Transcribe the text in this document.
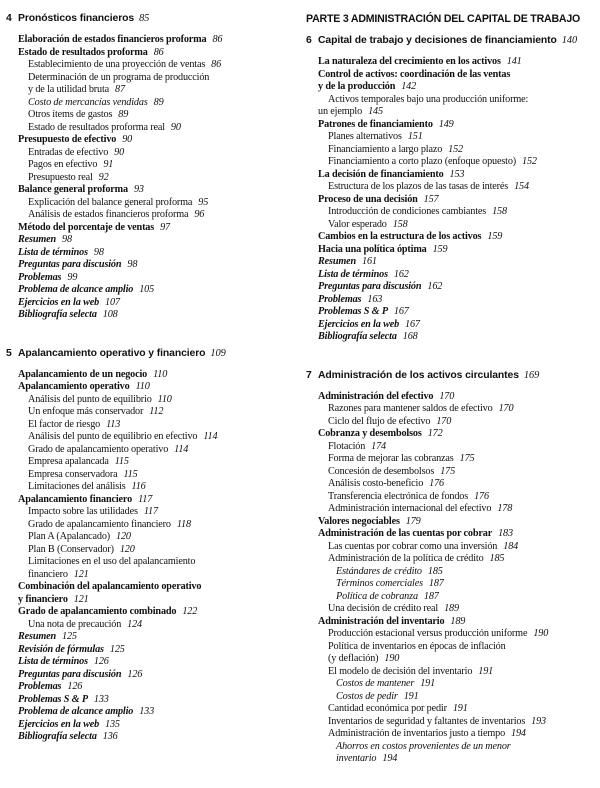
4 Pronósticos financieros 85
Elaboración de estados financieros proforma 86
Estado de resultados proforma 86
Establecimiento de una proyección de ventas 86
Determinación de un programa de producción
y de la utilidad bruta 87
Costo de mercancías vendidas 89
Otros ítems de gastos 89
Estado de resultados proforma real 90
Presupuesto de efectivo 90
Entradas de efectivo 90
Pagos en efectivo 91
Presupuesto real 92
Balance general proforma 93
Explicación del balance general proforma 95
Análisis de estados financieros proforma 96
Método del porcentaje de ventas 97
Resumen 98
Lista de términos 98
Preguntas para discusión 98
Problemas 99
Problema de alcance amplio 105
Ejercicios en la web 107
Bibliografía selecta 108
5 Apalancamiento operativo y financiero 109
Apalancamiento de un negocio 110
Apalancamiento operativo 110
Análisis del punto de equilibrio 110
Un enfoque más conservador 112
El factor de riesgo 113
Análisis del punto de equilibrio en efectivo 114
Grado de apalancamiento operativo 114
Empresa apalancada 115
Empresa conservadora 115
Limitaciones del análisis 116
Apalancamiento financiero 117
Impacto sobre las utilidades 117
Grado de apalancamiento financiero 118
Plan A (Apalancado) 120
Plan B (Conservador) 120
Limitaciones en el uso del apalancamiento
financiero 121
Combinación del apalancamiento operativo
y financiero 121
Grado de apalancamiento combinado 122
Una nota de precaución 124
Resumen 125
Revisión de fórmulas 125
Lista de términos 126
Preguntas para discusión 126
Problemas 126
Problemas S & P 133
Problema de alcance amplio 133
Ejercicios en la web 135
Bibliografía selecta 136
PARTE 3 ADMINISTRACIÓN DEL CAPITAL DE TRABAJO
6 Capital de trabajo y decisiones de financiamiento 140
La naturaleza del crecimiento en los activos 141
Control de activos: coordinación de las ventas
y de la producción 142
Activos temporales bajo una producción uniforme:
un ejemplo 145
Patrones de financiamiento 149
Planes alternativos 151
Financiamiento a largo plazo 152
Financiamiento a corto plazo (enfoque opuesto) 152
La decisión de financiamiento 153
Estructura de los plazos de las tasas de interés 154
Proceso de una decisión 157
Introducción de condiciones cambiantes 158
Valor esperado 158
Cambios en la estructura de los activos 159
Hacia una política óptima 159
Resumen 161
Lista de términos 162
Preguntas para discusión 162
Problemas 163
Problemas S & P 167
Ejercicios en la web 167
Bibliografía selecta 168
7 Administración de los activos circulantes 169
Administración del efectivo 170
Razones para mantener saldos de efectivo 170
Ciclo del flujo de efectivo 170
Cobranza y desembolsos 172
Flotación 174
Forma de mejorar las cobranzas 175
Concesión de desembolsos 175
Análisis costo-beneficio 176
Transferencia electrónica de fondos 176
Administración internacional del efectivo 178
Valores negociables 179
Administración de las cuentas por cobrar 183
Las cuentas por cobrar como una inversión 184
Administración de la política de crédito 185
Estándares de crédito 185
Términos comerciales 187
Política de cobranza 187
Una decisión de crédito real 189
Administración del inventario 189
Producción estacional versus producción uniforme 190
Política de inventarios en épocas de inflación
(y deflación) 190
El modelo de decisión del inventario 191
Costos de mantener 191
Costos de pedir 191
Cantidad económica por pedir 191
Inventarios de seguridad y faltantes de inventarios 193
Administración de inventarios justo a tiempo 194
Ahorros en costos provenientes de un menor
inventario 194
